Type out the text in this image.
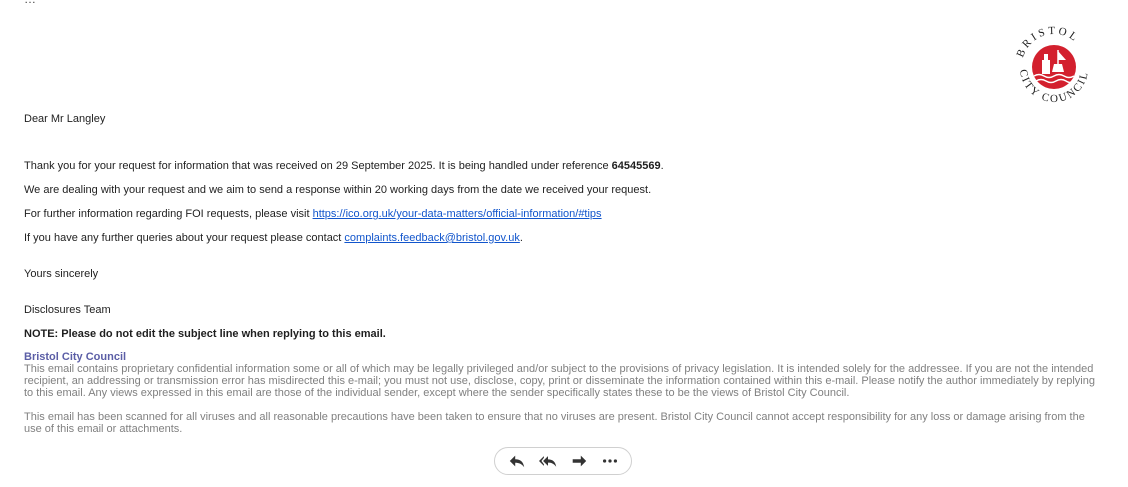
BRISTOL
CITY COUNCIL

Dear Mr Langley

Thank you for your request for information that was received on 29 September 2025. It is being handled under reference 64545569.

We are dealing with your request and we aim to send a response within 20 working days from the date we received your request.

For further information regarding FOI requests, please visit https://ico.org.uk/your-data-matters/official-information/#tips

If you have any further queries about your request please contact complaints.feedback@bristol.gov.uk.

Yours sincerely

Disclosures Team

NOTE: Please do not edit the subject line when replying to this email.

Bristol City Council
This email contains proprietary confidential information some or all of which may be legally privileged and/or subject to the provisions of privacy legislation. It is intended solely for the addressee. If you are not the intended recipient, an addressing or transmission error has misdirected this e-mail; you must not use, disclose, copy, print or disseminate the information contained within this e-mail. Please notify the author immediately by replying to this email. Any views expressed in this email are those of the individual sender, except where the sender specifically states these to be the views of Bristol City Council.
This email has been scanned for all viruses and all reasonable precautions have been taken to ensure that no viruses are present. Bristol City Council cannot accept responsibility for any loss or damage arising from the use of this email or attachments.
